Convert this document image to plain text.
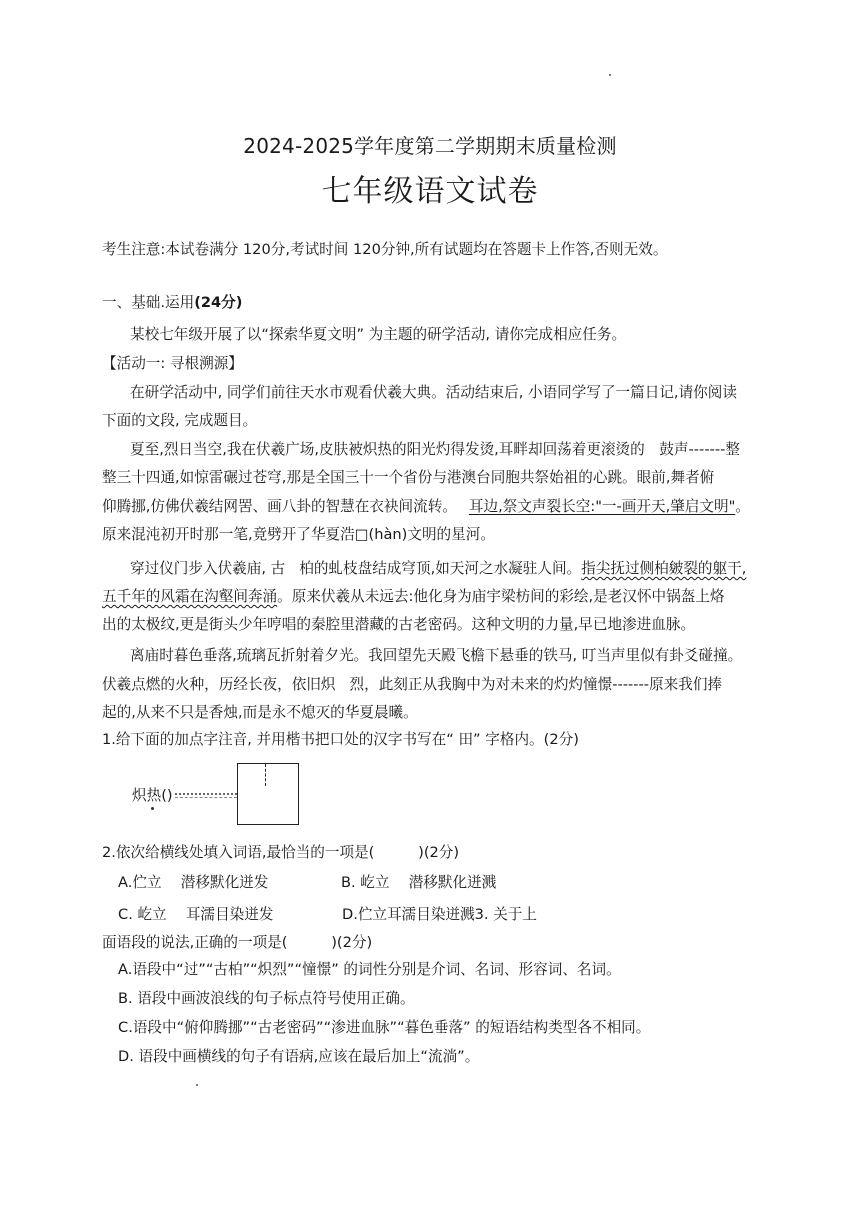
2024-2025学年度第二学期期末质量检测
七年级语文试卷
考生注意:本试卷满分 120分,考试时间 120分钟,所有试题均在答题卡上作答,否则无效。
一、基础.运用(24分)
某校七年级开展了以“探索华夏文明” 为主题的研学活动, 请你完成相应任务。
【活动一: 寻根溯源】
在研学活动中, 同学们前往天水市观看伏羲大典。活动结束后, 小语同学写了一篇日记,请你阅读
下面的文段, 完成题目。
夏至,烈日当空,我在伏羲广场,皮肤被炽热的阳光灼得发烫,耳畔却回荡着更滚烫的　鼓声-------整
整三十四通,如惊雷碾过苍穹,那是全国三十一个省份与港澳台同胞共祭始祖的心跳。眼前,舞者俯
仰腾挪,仿佛伏羲结网罟、画八卦的智慧在衣袂间流转。 耳边,祭文声裂长空:"一-画开天,肇启文明"。
原来混沌初开时那一笔,竟劈开了华夏浩□(hàn)文明的星河。
穿过仪门步入伏羲庙, 古 柏的虬枝盘结成穹顶,如天河之水凝驻人间。指尖抚过侧柏皴裂的躯干,
五千年的风霜在沟壑间奔涌。原来伏羲从未远去:他化身为庙宇梁枋间的彩绘,是老汉怀中锅盔上烙
出的太极纹,更是街头少年哼唱的秦腔里潜藏的古老密码。这种文明的力量,早已地渗进血脉。
离庙时暮色垂落,琉璃瓦折射着夕光。我回望先天殿飞檐下悬垂的铁马, 叮当声里似有卦爻碰撞。
伏羲点燃的火种，历经长夜，依旧炽 烈，此刻正从我胸中为对未来的灼灼憧憬-------原来我们捧
起的,从来不只是香烛,而是永不熄灭的华夏晨曦。
1.给下面的加点字注音, 并用楷书把口处的汉字书写在“ 田” 字格内。(2分)
炽热()
2.依次给横线处填入词语,最恰当的一项是(　　　)(2分)
A.伫立　 潜移默化迸发	B. 屹立　 潜移默化迸溅
C. 屹立　 耳濡目染迸发	D.伫立耳濡目染迸溅3. 关于上
面语段的说法,正确的一项是(　　　)(2分)
A.语段中“过”“古柏”“炽烈”“憧憬” 的词性分别是介词、名词、形容词、名词。
B. 语段中画波浪线的句子标点符号使用正确。
C.语段中“俯仰腾挪”“古老密码”“渗进血脉”“暮色垂落” 的短语结构类型各不相同。
D. 语段中画横线的句子有语病,应该在最后加上“流淌”。
